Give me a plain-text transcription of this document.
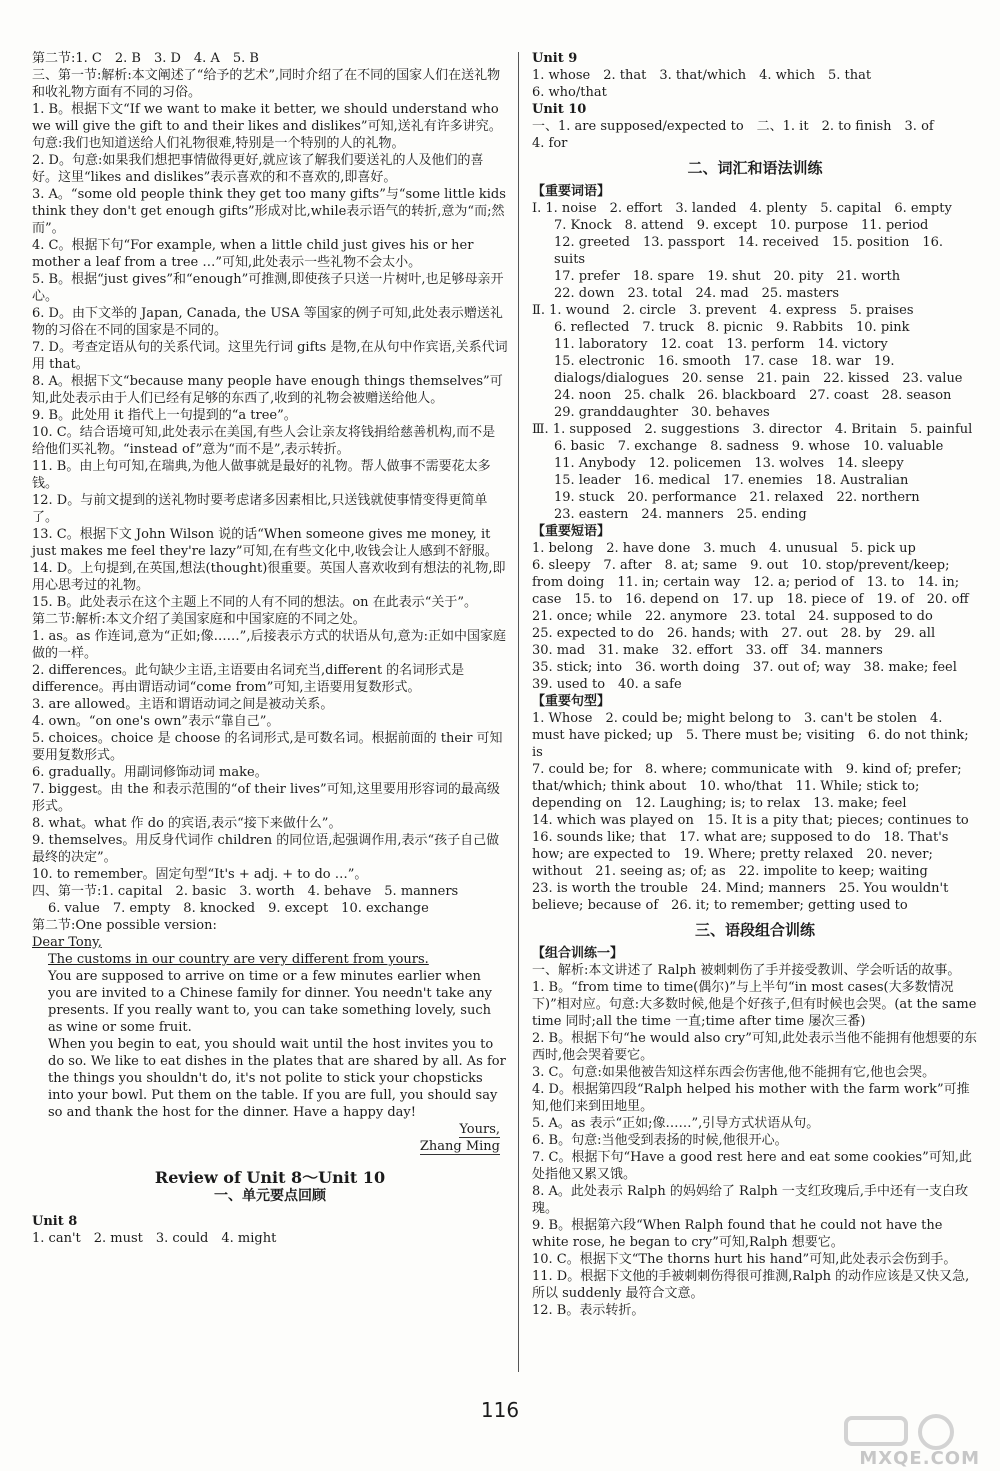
第二节:1. C　2. B　3. D　4. A　5. B
三、第一节:解析:本文阐述了“给予的艺术”,同时介绍了在不同的国家人们在送礼物和收礼物方面有不同的习俗。
1. B。根据下文“If we want to make it better, we should understand who we will give the gift to and their likes and dislikes”可知,送礼有许多讲究。句意:我们也知道送给人们礼物很难,特别是一个特别的人的礼物。
2. D。句意:如果我们想把事情做得更好,就应该了解我们要送礼的人及他们的喜好。这里“likes and dislikes”表示喜欢的和不喜欢的,即喜好。
3. A。“some old people think they get too many gifts”与“some little kids think they don't get enough gifts”形成对比,while表示语气的转折,意为“而;然而”。
4. C。根据下句“For example, when a little child just gives his or her mother a leaf from a tree …”可知,此处表示一些礼物不会太小。
5. B。根据“just gives”和“enough”可推测,即使孩子只送一片树叶,也足够母亲开心。
6. D。由下文举的 Japan, Canada, the USA 等国家的例子可知,此处表示赠送礼物的习俗在不同的国家是不同的。
7. D。考查定语从句的关系代词。这里先行词 gifts 是物,在从句中作宾语,关系代词用 that。
8. A。根据下文“because many people have enough things themselves”可知,此处表示由于人们已经有足够的东西了,收到的礼物会被赠送给他人。
9. B。此处用 it 指代上一句提到的“a tree”。
10. C。结合语境可知,此处表示在美国,有些人会让亲友将钱捐给慈善机构,而不是给他们买礼物。“instead of”意为“而不是”,表示转折。
11. B。由上句可知,在瑞典,为他人做事就是最好的礼物。帮人做事不需要花太多钱。
12. D。与前文提到的送礼物时要考虑诸多因素相比,只送钱就使事情变得更简单了。
13. C。根据下文 John Wilson 说的话“When someone gives me money, it just makes me feel they're lazy”可知,在有些文化中,收钱会让人感到不舒服。
14. D。上句提到,在英国,想法(thought)很重要。英国人喜欢收到有想法的礼物,即用心思考过的礼物。
15. B。此处表示在这个主题上不同的人有不同的想法。on 在此表示“关于”。
第二节:解析:本文介绍了美国家庭和中国家庭的不同之处。
1. as。as 作连词,意为“正如;像……”,后接表示方式的状语从句,意为:正如中国家庭做的一样。
2. differences。此句缺少主语,主语要由名词充当,different 的名词形式是 difference。再由谓语动词“come from”可知,主语要用复数形式。
3. are allowed。主语和谓语动词之间是被动关系。
4. own。“on one's own”表示“靠自己”。
5. choices。choice 是 choose 的名词形式,是可数名词。根据前面的 their 可知要用复数形式。
6. gradually。用副词修饰动词 make。
7. biggest。由 the 和表示范围的“of their lives”可知,这里要用形容词的最高级形式。
8. what。what 作 do 的宾语,表示“接下来做什么”。
9. themselves。用反身代词作 children 的同位语,起强调作用,表示“孩子自己做最终的决定”。
10. to remember。固定句型“It's + adj. + to do …”。
四、第一节:1. capital　2. basic　3. worth　4. behave　5. manners
6. value　7. empty　8. knocked　9. except　10. exchange
第二节:One possible version:
Dear Tony,
The customs in our country are very different from yours.
You are supposed to arrive on time or a few minutes earlier when you are invited to a Chinese family for dinner. You needn't take any presents. If you really want to, you can take something lovely, such as wine or some fruit.
When you begin to eat, you should wait until the host invites you to do so. We like to eat dishes in the plates that are shared by all. As for the things you shouldn't do, it's not polite to stick your chopsticks into your bowl. Put them on the table. If you are full, you should say so and thank the host for the dinner. Have a happy day!
Yours,
Zhang Ming
Review of Unit 8～Unit 10
一、单元要点回顾
Unit 8
1. can't　2. must　3. could　4. might
Unit 9
1. whose　2. that　3. that/which　4. which　5. that
6. who/that
Unit 10
一、1. are supposed/expected to　二、1. it　2. to finish　3. of
4. for
二、词汇和语法训练
【重要词语】
Ⅰ. 1. noise　2. effort　3. landed　4. plenty　5. capital　6. empty
7. Knock　8. attend　9. except　10. purpose　11. period
12. greeted　13. passport　14. received　15. position　16. suits
17. prefer　18. spare　19. shut　20. pity　21. worth
22. down　23. total　24. mad　25. masters
Ⅱ. 1. wound　2. circle　3. prevent　4. express　5. praises
6. reflected　7. truck　8. picnic　9. Rabbits　10. pink
11. laboratory　12. coat　13. perform　14. victory
15. electronic　16. smooth　17. case　18. war　19. dialogs/dialogues　20. sense　21. pain　22. kissed　23. value
24. noon　25. chalk　26. blackboard　27. coast　28. season
29. granddaughter　30. behaves
Ⅲ. 1. supposed　2. suggestions　3. director　4. Britain　5. painful
6. basic　7. exchange　8. sadness　9. whose　10. valuable
11. Anybody　12. policemen　13. wolves　14. sleepy
15. leader　16. medical　17. enemies　18. Australian
19. stuck　20. performance　21. relaxed　22. northern
23. eastern　24. manners　25. ending
【重要短语】
1. belong　2. have done　3. much　4. unusual　5. pick up
6. sleepy　7. after　8. at; same　9. out　10. stop/prevent/keep; from doing　11. in; certain way　12. a; period of　13. to　14. in; case　15. to　16. depend on　17. up　18. piece of　19. of　20. off
21. once; while　22. anymore　23. total　24. supposed to do
25. expected to do　26. hands; with　27. out　28. by　29. all
30. mad　31. make　32. effort　33. off　34. manners
35. stick; into　36. worth doing　37. out of; way　38. make; feel
39. used to　40. a safe
【重要句型】
1. Whose　2. could be; might belong to　3. can't be stolen　4. must have picked; up　5. There must be; visiting　6. do not think; is
7. could be; for　8. where; communicate with　9. kind of; prefer; that/which; think about　10. who/that　11. While; stick to; depending on　12. Laughing; is; to relax　13. make; feel
14. which was played on　15. It is a pity that; pieces; continues to
16. sounds like; that　17. what are; supposed to do　18. That's how; are expected to　19. Where; pretty relaxed　20. never; without　21. seeing as; of; as　22. impolite to keep; waiting
23. is worth the trouble　24. Mind; manners　25. You wouldn't believe; because of　26. it; to remember; getting used to
三、语段组合训练
【组合训练一】
一、解析:本文讲述了 Ralph 被刺刺伤了手并接受教训、学会听话的故事。
1. B。“from time to time(偶尔)”与上半句“in most cases(大多数情况下)”相对应。句意:大多数时候,他是个好孩子,但有时候也会哭。(at the same time 同时;all the time 一直;time after time 屡次三番)
2. B。根据下句“he would also cry”可知,此处表示当他不能拥有他想要的东西时,他会哭着要它。
3. C。句意:如果他被告知这样东西会伤害他,他不能拥有它,他也会哭。
4. D。根据第四段“Ralph helped his mother with the farm work”可推知,他们来到田地里。
5. A。as 表示“正如;像……”,引导方式状语从句。
6. B。句意:当他受到表扬的时候,他很开心。
7. C。根据下句“Have a good rest here and eat some cookies”可知,此处指他又累又饿。
8. A。此处表示 Ralph 的妈妈给了 Ralph 一支红玫瑰后,手中还有一支白玫瑰。
9. B。根据第六段“When Ralph found that he could not have the white rose, he began to cry”可知,Ralph 想要它。
10. C。根据下文“The thorns hurt his hand”可知,此处表示会伤到手。
11. D。根据下文他的手被刺刺伤得很可推测,Ralph 的动作应该是又快又急,所以 suddenly 最符合文意。
12. B。表示转折。
116
MXQE.COM
